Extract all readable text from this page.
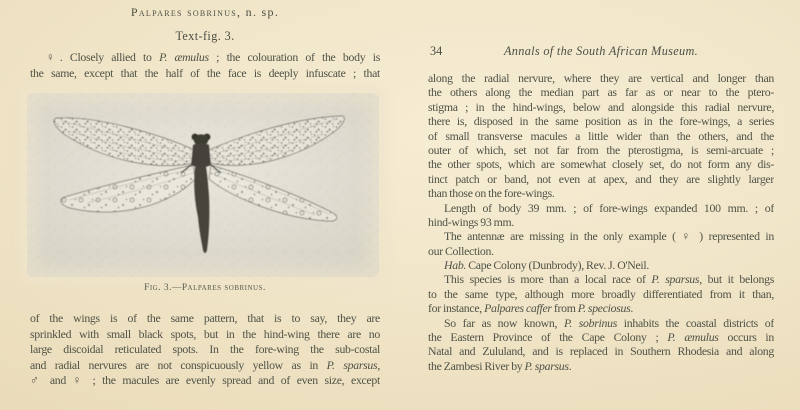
Palpares sobrinus, n. sp.
Text-fig. 3.
♀. Closely allied to P. æmulus ; the colouration of the body is
the same, except that the half of the face is deeply infuscate ; that
Fig. 3.—Palpares sobrinus.
of the wings is of the same pattern, that is to say, they are
sprinkled with small black spots, but in the hind-wing there are no
large discoidal reticulated spots. In the fore-wing the sub-costal
and radial nervures are not conspicuously yellow as in P. sparsus,
♂ and ♀ ; the macules are evenly spread and of even size, except
34	Annals of the South African Museum.
along the radial nervure, where they are vertical and longer than
the others along the median part as far as or near to the ptero-
stigma ; in the hind-wings, below and alongside this radial nervure,
there is, disposed in the same position as in the fore-wings, a series
of small transverse macules a little wider than the others, and the
outer of which, set not far from the pterostigma, is semi-arcuate ;
the other spots, which are somewhat closely set, do not form any dis-
tinct patch or band, not even at apex, and they are slightly larger
than those on the fore-wings.
Length of body 39 mm. ; of fore-wings expanded 100 mm. ; of
hind-wings 93 mm.
The antennæ are missing in the only example ( ♀ ) represented in
our Collection.
Hab. Cape Colony (Dunbrody), Rev. J. O'Neil.
This species is more than a local race of P. sparsus, but it belongs
to the same type, although more broadly differentiated from it than,
for instance, Palpares caffer from P. speciosus.
So far as now known, P. sobrinus inhabits the coastal districts of
the Eastern Province of the Cape Colony ; P. æmulus occurs in
Natal and Zululand, and is replaced in Southern Rhodesia and along
the Zambesi River by P. sparsus.
